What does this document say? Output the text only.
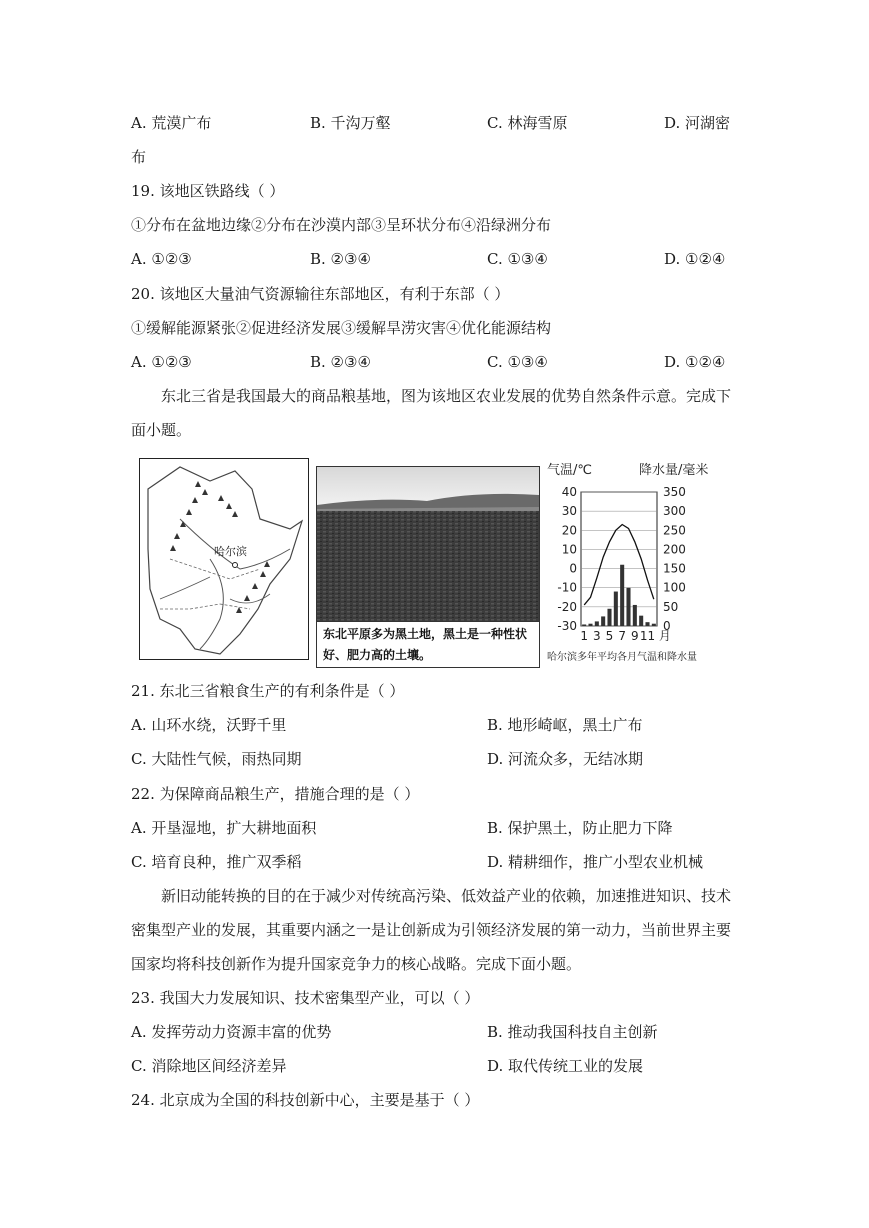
A. 荒漠广布	B. 千沟万壑	C. 林海雪原	D. 河湖密
布
19. 该地区铁路线（ ）
①分布在盆地边缘②分布在沙漠内部③呈环状分布④沿绿洲分布
A. ①②③	B. ②③④	C. ①③④	D. ①②④
20. 该地区大量油气资源输往东部地区，有利于东部（ ）
①缓解能源紧张②促进经济发展③缓解旱涝灾害④优化能源结构
A. ①②③	B. ②③④	C. ①③④	D. ①②④
东北三省是我国最大的商品粮基地，图为该地区农业发展的优势自然条件示意。完成下
面小题。
哈尔滨
东北平原多为黑土地，黑土是一种性状好、肥力高的土壤。
气温/℃	降水量/毫米
40
30
20
10
0
-10
-20
-30
350
300
250
200
150
100
50
0
1 3 5 7 9 11 月
哈尔滨多年平均各月气温和降水量
21. 东北三省粮食生产的有利条件是（ ）
A. 山环水绕，沃野千里	B. 地形崎岖，黑土广布
C. 大陆性气候，雨热同期	D. 河流众多，无结冰期
22. 为保障商品粮生产，措施合理的是（ ）
A. 开垦湿地，扩大耕地面积	B. 保护黑土，防止肥力下降
C. 培育良种，推广双季稻	D. 精耕细作，推广小型农业机械
新旧动能转换的目的在于减少对传统高污染、低效益产业的依赖，加速推进知识、技术
密集型产业的发展，其重要内涵之一是让创新成为引领经济发展的第一动力，当前世界主要
国家均将科技创新作为提升国家竞争力的核心战略。完成下面小题。
23. 我国大力发展知识、技术密集型产业，可以（ ）
A. 发挥劳动力资源丰富的优势	B. 推动我国科技自主创新
C. 消除地区间经济差异	D. 取代传统工业的发展
24. 北京成为全国的科技创新中心，主要是基于（ ）
